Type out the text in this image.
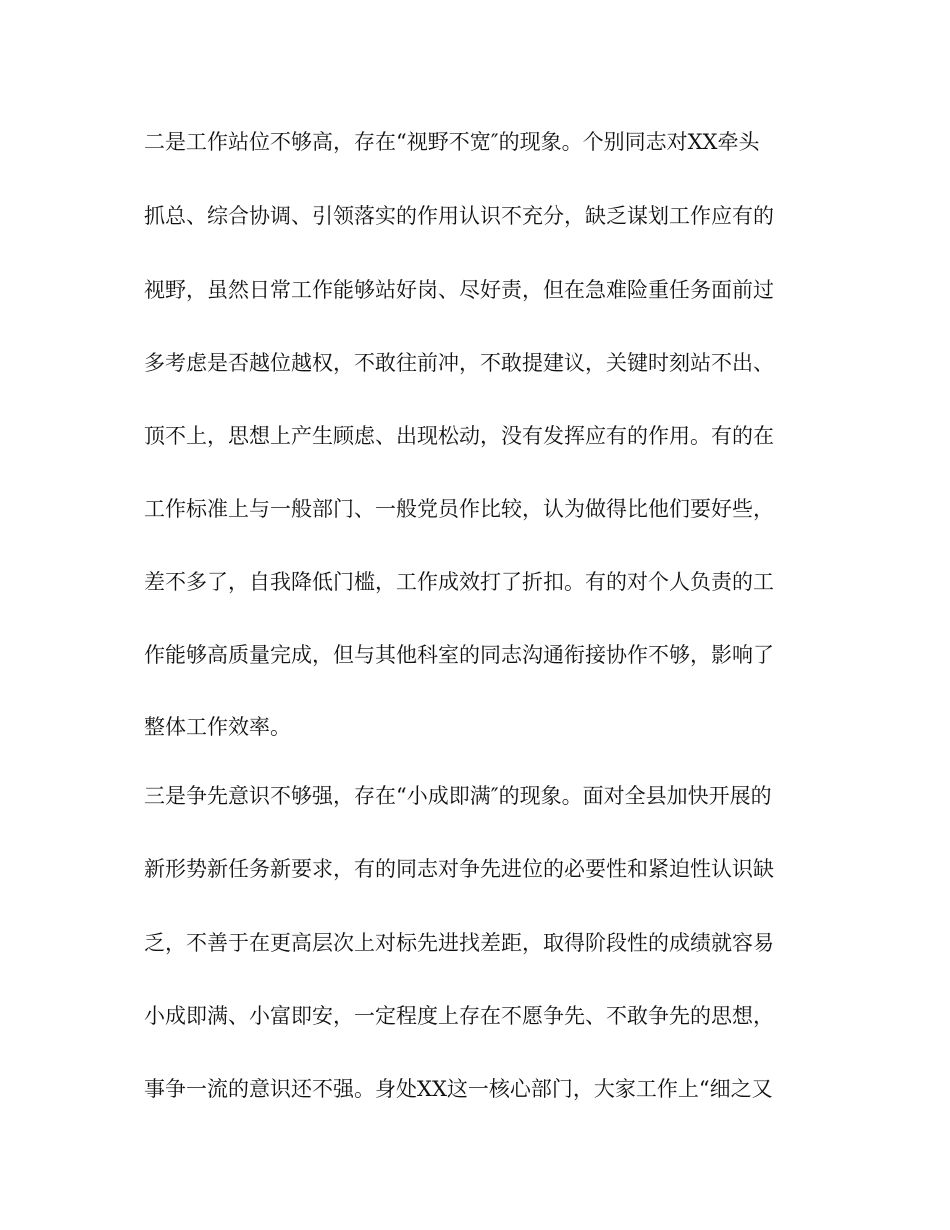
二是工作站位不够高，存在“视野不宽″的现象。个别同志对XX牵头
抓总、综合协调、引领落实的作用认识不充分，缺乏谋划工作应有的
视野，虽然日常工作能够站好岗、尽好责，但在急难险重任务面前过
多考虑是否越位越权，不敢往前冲，不敢提建议，关键时刻站不出、
顶不上，思想上产生顾虑、出现松动，没有发挥应有的作用。有的在
工作标准上与一般部门、一般党员作比较，认为做得比他们要好些，
差不多了，自我降低门槛，工作成效打了折扣。有的对个人负责的工
作能够高质量完成，但与其他科室的同志沟通衔接协作不够，影响了
整体工作效率。
三是争先意识不够强，存在“小成即满″的现象。面对全县加快开展的
新形势新任务新要求，有的同志对争先进位的必要性和紧迫性认识缺
乏，不善于在更高层次上对标先进找差距，取得阶段性的成绩就容易
小成即满、小富即安，一定程度上存在不愿争先、不敢争先的思想，
事争一流的意识还不强。身处XX这一核心部门，大家工作上“细之又
